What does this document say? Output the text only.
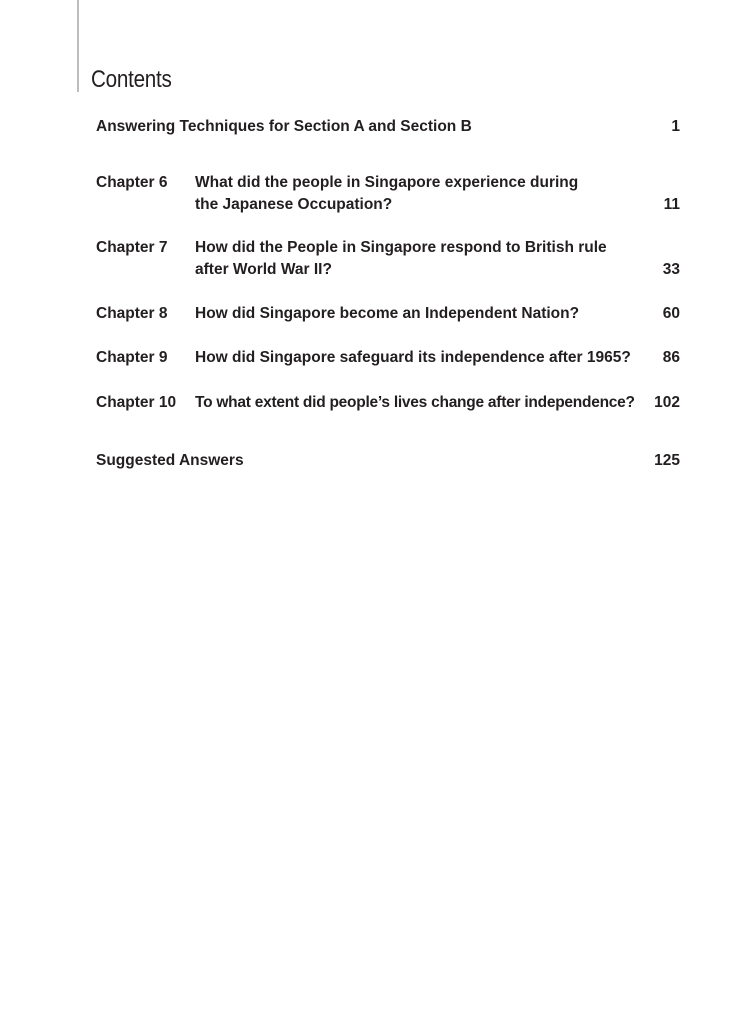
Contents
Answering Techniques for Section A and Section B	1
Chapter 6 What did the people in Singapore experience during
the Japanese Occupation?	11
Chapter 7 How did the People in Singapore respond to British rule
after World War II?	33
Chapter 8 How did Singapore become an Independent Nation?	60
Chapter 9 How did Singapore safeguard its independence after 1965?	86
Chapter 10 To what extent did people’s lives change after independence?	102
Suggested Answers	125
